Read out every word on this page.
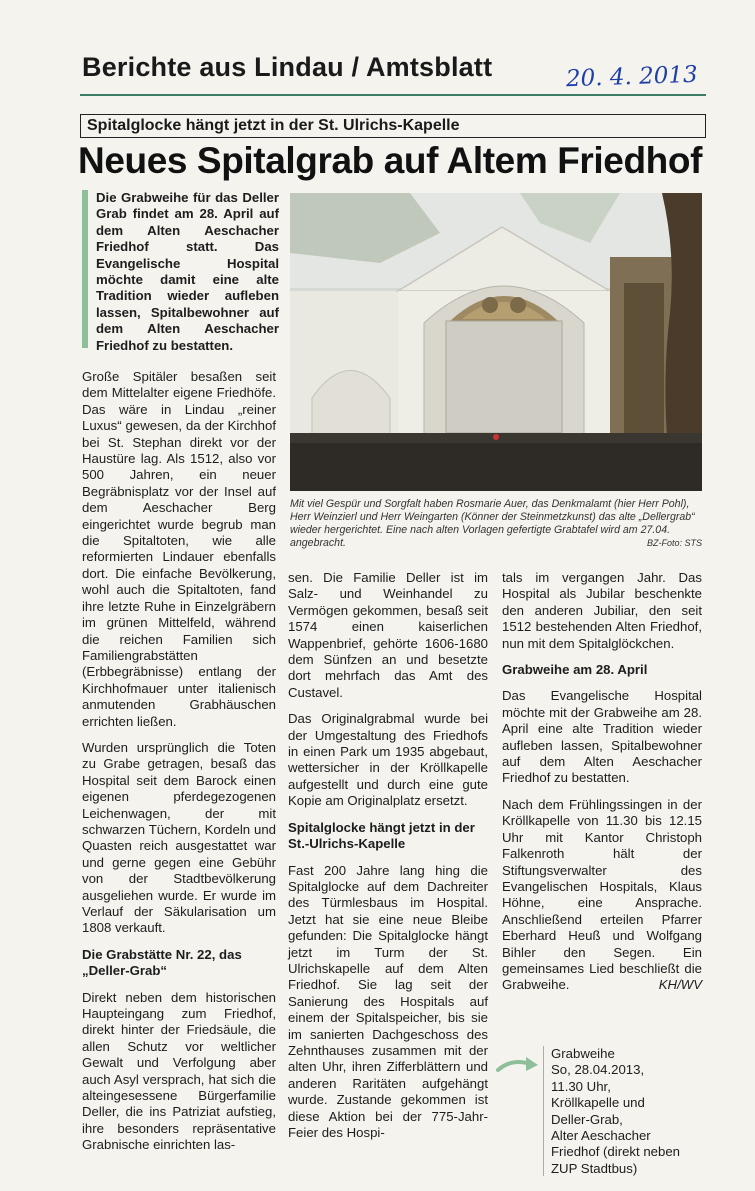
Berichte aus Lindau / Amtsblatt	20. 4. 2013
Spitalglocke hängt jetzt in der St. Ulrichs-Kapelle
Neues Spitalgrab auf Altem Friedhof

Die Grabweihe für das Deller Grab findet am 28. April auf dem Alten Aeschacher Friedhof statt. Das Evangelische Hospital möchte damit eine alte Tradition wieder aufleben lassen, Spitalbewohner auf dem Alten Aeschacher Friedhof zu bestatten.

Mit viel Gespür und Sorgfalt haben Rosmarie Auer, das Denkmalamt (hier Herr Pohl), Herr Weinzierl und Herr Weingarten (Könner der Steinmetzkunst) das alte „Dellergrab“ wieder hergerichtet. Eine nach alten Vorlagen gefertigte Grabtafel wird am 27.04. angebracht.	BZ-Foto: STS

Große Spitäler besaßen seit dem Mittelalter eigene Friedhöfe. Das wäre in Lindau „reiner Luxus“ gewesen, da der Kirchhof bei St. Stephan direkt vor der Haustüre lag. Als 1512, also vor 500 Jahren, ein neuer Begräbnisplatz vor der Insel auf dem Aeschacher Berg eingerichtet wurde begrub man die Spitaltoten, wie alle reformierten Lindauer ebenfalls dort. Die einfache Bevölkerung, wohl auch die Spitaltoten, fand ihre letzte Ruhe in Einzelgräbern im grünen Mittelfeld, während die reichen Familien sich Familiengrabstätten (Erbbegräbnisse) entlang der Kirchhofmauer unter italienisch anmutenden Grabhäuschen errichten ließen.

Wurden ursprünglich die Toten zu Grabe getragen, besaß das Hospital seit dem Barock einen eigenen pferdegezogenen Leichenwagen, der mit schwarzen Tüchern, Kordeln und Quasten reich ausgestattet war und gerne gegen eine Gebühr von der Stadtbevölkerung ausgeliehen wurde. Er wurde im Verlauf der Säkularisation um 1808 verkauft.

Die Grabstätte Nr. 22, das „Deller-Grab“

Direkt neben dem historischen Haupteingang zum Friedhof, direkt hinter der Friedsäule, die allen Schutz vor weltlicher Gewalt und Verfolgung aber auch Asyl versprach, hat sich die alteingesessene Bürgerfamilie Deller, die ins Patriziat aufstieg, ihre besonders repräsentative Grabnische einrichten las-

sen. Die Familie Deller ist im Salz- und Weinhandel zu Vermögen gekommen, besaß seit 1574 einen kaiserlichen Wappenbrief, gehörte 1606-1680 dem Sünfzen an und besetzte dort mehrfach das Amt des Custavel.

Das Originalgrabmal wurde bei der Umgestaltung des Friedhofs in einen Park um 1935 abgebaut, wettersicher in der Kröllkapelle aufgestellt und durch eine gute Kopie am Originalplatz ersetzt.

Spitalglocke hängt jetzt in der St.-Ulrichs-Kapelle

Fast 200 Jahre lang hing die Spitalglocke auf dem Dachreiter des Türmlesbaus im Hospital. Jetzt hat sie eine neue Bleibe gefunden: Die Spitalglocke hängt jetzt im Turm der St. Ulrichskapelle auf dem Alten Friedhof. Sie lag seit der Sanierung des Hospitals auf einem der Spitalspeicher, bis sie im sanierten Dachgeschoss des Zehnthauses zusammen mit der alten Uhr, ihren Zifferblättern und anderen Raritäten aufgehängt wurde. Zustande gekommen ist diese Aktion bei der 775-Jahr-Feier des Hospi-

tals im vergangen Jahr. Das Hospital als Jubilar beschenkte den anderen Jubiliar, den seit 1512 bestehenden Alten Friedhof, nun mit dem Spitalglöckchen.

Grabweihe am 28. April

Das Evangelische Hospital möchte mit der Grabweihe am 28. April eine alte Tradition wieder aufleben lassen, Spitalbewohner auf dem Alten Aeschacher Friedhof zu bestatten.

Nach dem Frühlingssingen in der Kröllkapelle von 11.30 bis 12.15 Uhr mit Kantor Christoph Falkenroth hält der Stiftungsverwalter des Evangelischen Hospitals, Klaus Höhne, eine Ansprache. Anschließend erteilen Pfarrer Eberhard Heuß und Wolfgang Bihler den Segen. Ein gemeinsames Lied beschließt die Grabweihe.	KH/WV

Grabweihe
So, 28.04.2013,
11.30 Uhr,
Kröllkapelle und
Deller-Grab,
Alter Aeschacher
Friedhof (direkt neben
ZUP Stadtbus)
